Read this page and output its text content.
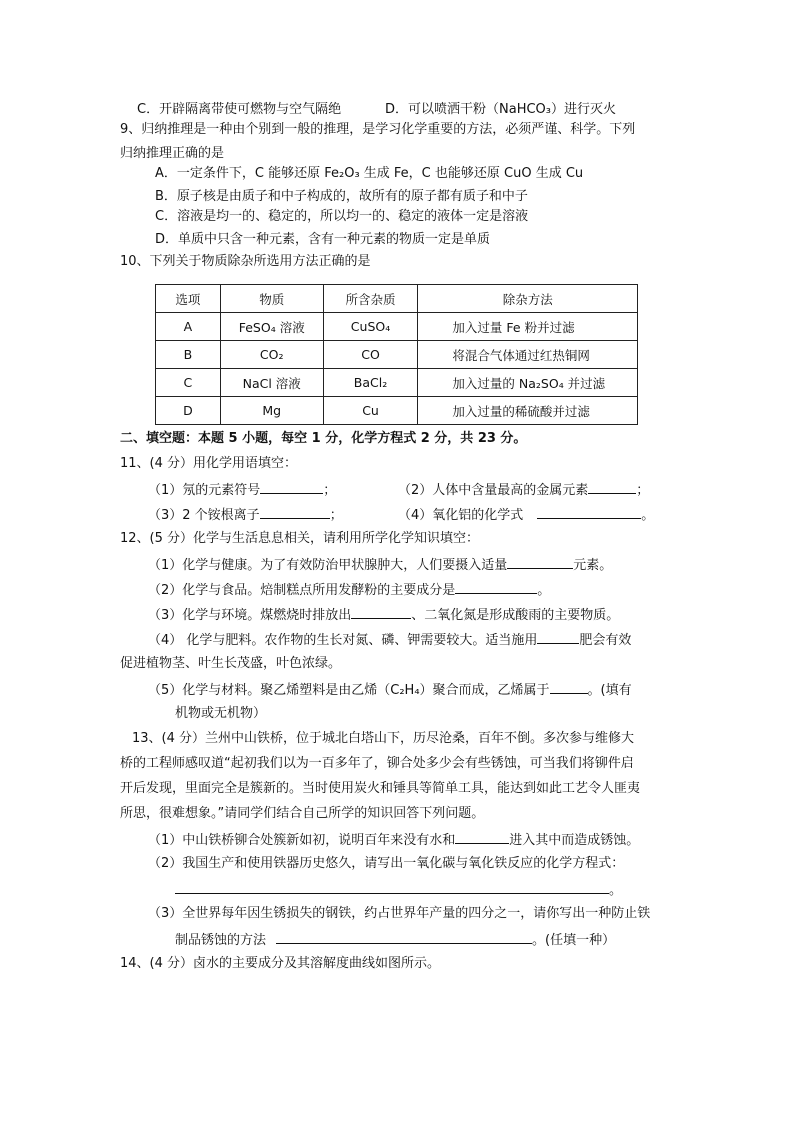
C．开辟隔离带使可燃物与空气隔绝	D．可以喷洒干粉（NaHCO₃）进行灭火
9、归纳推理是一种由个别到一般的推理，是学习化学重要的方法，必须严谨、科学。下列
归纳推理正确的是
A．一定条件下，C 能够还原 Fe₂O₃ 生成 Fe，C 也能够还原 CuO 生成 Cu
B．原子核是由质子和中子构成的，故所有的原子都有质子和中子
C．溶液是均一的、稳定的，所以均一的、稳定的液体一定是溶液
D．单质中只含一种元素，含有一种元素的物质一定是单质
10、下列关于物质除杂所选用方法正确的是
选项	物质	所含杂质	除杂方法
A	FeSO₄ 溶液	CuSO₄	加入过量 Fe 粉并过滤
B	CO₂	CO	将混合气体通过红热铜网
C	NaCl 溶液	BaCl₂	加入过量的 Na₂SO₄ 并过滤
D	Mg	Cu	加入过量的稀硫酸并过滤
二、填空题：本题 5 小题，每空 1 分，化学方程式 2 分，共 23 分。
11、(4 分）用化学用语填空：
（1）氖的元素符号	；	（2）人体中含量最高的金属元素	；
（3）2 个铵根离子	；	（4）氧化铝的化学式	。
12、(5 分）化学与生活息息相关，请利用所学化学知识填空：
（1）化学与健康。为了有效防治甲状腺肿大，人们要摄入适量	元素。
（2）化学与食品。焙制糕点所用发酵粉的主要成分是	。
（3）化学与环境。煤燃烧时排放出	、二氧化氮是形成酸雨的主要物质。
（4） 化学与肥料。农作物的生长对氮、磷、钾需要较大。适当施用	肥会有效
促进植物茎、叶生长茂盛，叶色浓绿。
（5）化学与材料。聚乙烯塑料是由乙烯（C₂H₄）聚合而成，乙烯属于	。(填有
机物或无机物）
13、(4 分）兰州中山铁桥，位于城北白塔山下，历尽沧桑，百年不倒。多次参与维修大
桥的工程师感叹道“起初我们以为一百多年了，铆合处多少会有些锈蚀，可当我们将铆件启
开后发现，里面完全是簇新的。当时使用炭火和锤具等简单工具，能达到如此工艺令人匪夷
所思，很难想象。”请同学们结合自己所学的知识回答下列问题。
（1）中山铁桥铆合处簇新如初，说明百年来没有水和	进入其中而造成锈蚀。
（2）我国生产和使用铁器历史悠久，请写出一氧化碳与氧化铁反应的化学方程式：
。
（3）全世界每年因生锈损失的钢铁，约占世界年产量的四分之一，请你写出一种防止铁
制品锈蚀的方法	。(任填一种）
14、(4 分）卤水的主要成分及其溶解度曲线如图所示。
